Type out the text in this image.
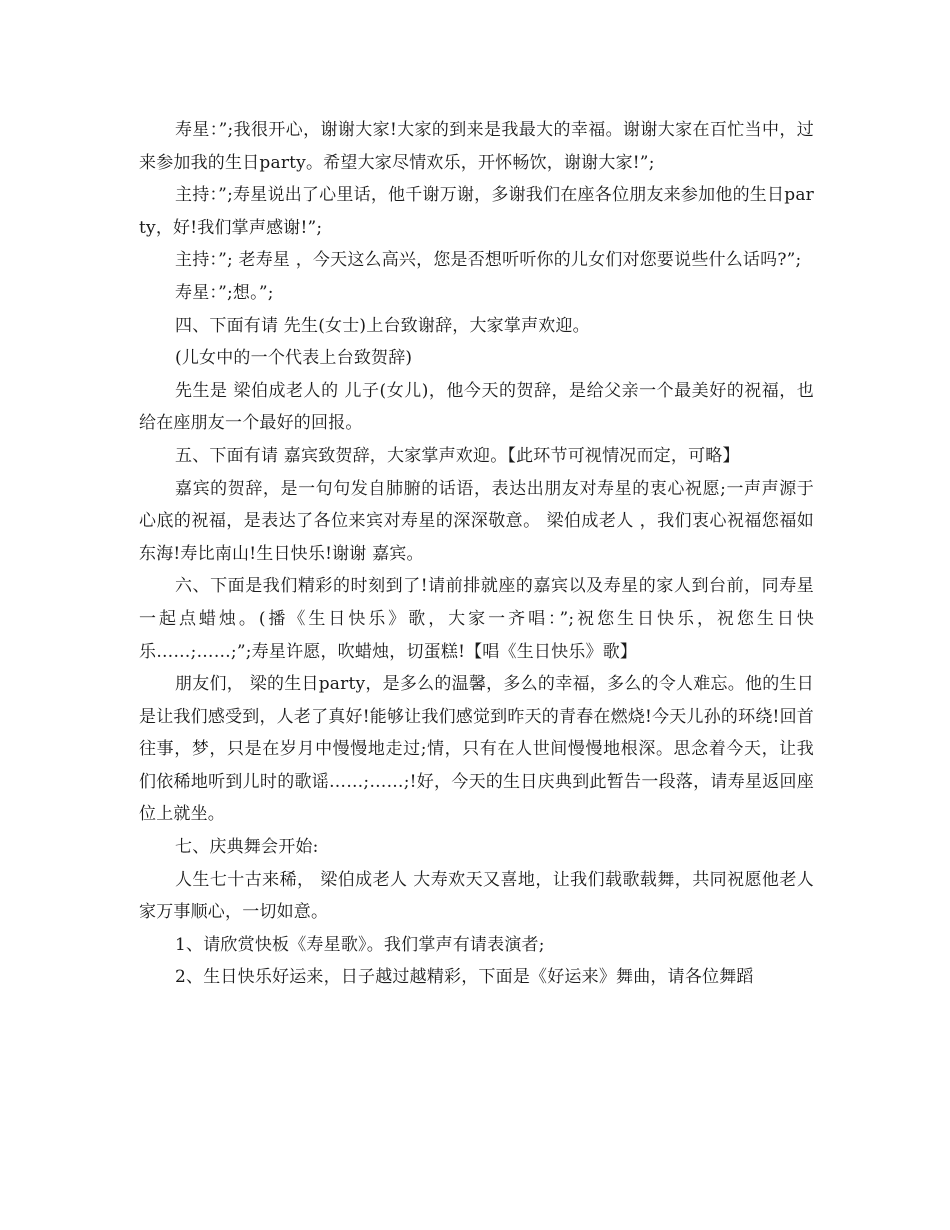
寿星：”;我很开心，谢谢大家!大家的到来是我最大的幸福。谢谢大家在百忙当中，过来参加我的生日party。希望大家尽情欢乐，开怀畅饮，谢谢大家!”;

主持：”;寿星说出了心里话，他千谢万谢，多谢我们在座各位朋友来参加他的生日party，好!我们掌声感谢!”;

主持：”; 老寿星 ，今天这么高兴，您是否想听听你的儿女们对您要说些什么话吗?”;

寿星：”;想。”;

四、下面有请 先生(女士)上台致谢辞，大家掌声欢迎。

(儿女中的一个代表上台致贺辞)

先生是 梁伯成老人的 儿子(女儿)，他今天的贺辞，是给父亲一个最美好的祝福，也给在座朋友一个最好的回报。

五、下面有请 嘉宾致贺辞，大家掌声欢迎。【此环节可视情况而定，可略】

嘉宾的贺辞，是一句句发自肺腑的话语，表达出朋友对寿星的衷心祝愿;一声声源于心底的祝福，是表达了各位来宾对寿星的深深敬意。 梁伯成老人 ，我们衷心祝福您福如东海!寿比南山!生日快乐!谢谢 嘉宾。

六、下面是我们精彩的时刻到了!请前排就座的嘉宾以及寿星的家人到台前，同寿星一起点蜡烛。(播《生日快乐》歌，大家一齐唱：”;祝您生日快乐，祝您生日快乐……;……;”;寿星许愿，吹蜡烛，切蛋糕!【唱《生日快乐》歌】

朋友们， 梁的生日party，是多么的温馨，多么的幸福，多么的令人难忘。他的生日是让我们感受到，人老了真好!能够让我们感觉到昨天的青春在燃烧!今天儿孙的环绕!回首往事，梦，只是在岁月中慢慢地走过;情，只有在人世间慢慢地根深。思念着今天，让我们依稀地听到儿时的歌谣……;……;!好，今天的生日庆典到此暂告一段落，请寿星返回座位上就坐。

七、庆典舞会开始:

人生七十古来稀， 梁伯成老人 大寿欢天又喜地，让我们载歌载舞，共同祝愿他老人家万事顺心，一切如意。

1、请欣赏快板《寿星歌》。我们掌声有请表演者;

2、生日快乐好运来，日子越过越精彩，下面是《好运来》舞曲，请各位舞蹈
